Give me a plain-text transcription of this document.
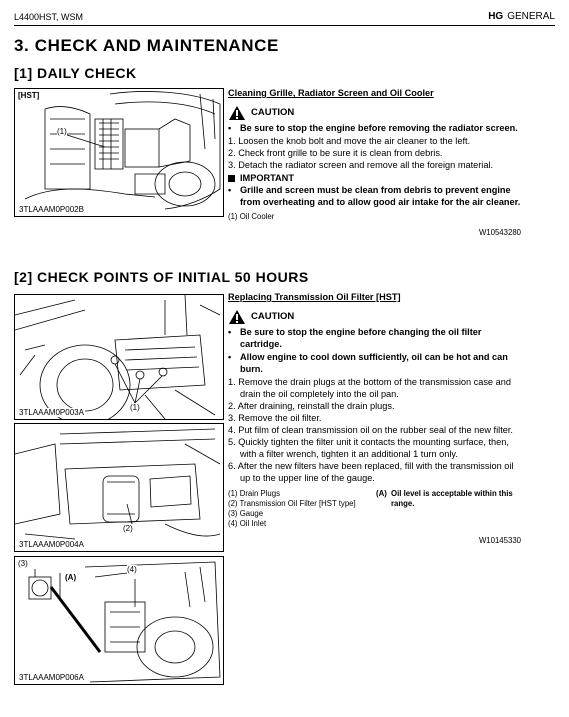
L4400HST, WSM	HG GENERAL
3. CHECK AND MAINTENANCE
[1] DAILY CHECK
[HST]
(1)
3TLAAAM0P002B
Cleaning Grille, Radiator Screen and Oil Cooler
CAUTION
• Be sure to stop the engine before removing the radiator screen.
1. Loosen the knob bolt and move the air cleaner to the left.
2. Check front grille to be sure it is clean from debris.
3. Detach the radiator screen and remove all the foreign material.
IMPORTANT
• Grille and screen must be clean from debris to prevent engine from overheating and to allow good air intake for the air cleaner.
(1) Oil Cooler
W10543280
[2] CHECK POINTS OF INITIAL 50 HOURS
(1)
3TLAAAM0P003A
(2)
3TLAAAM0P004A
(3)
(4)
(A)
3TLAAAM0P006A
Replacing Transmission Oil Filter [HST]
CAUTION
• Be sure to stop the engine before changing the oil filter cartridge.
• Allow engine to cool down sufficiently, oil can be hot and can burn.
1. Remove the drain plugs at the bottom of the transmission case and drain the oil completely into the oil pan.
2. After draining, reinstall the drain plugs.
3. Remove the oil filter.
4. Put film of clean transmission oil on the rubber seal of the new filter.
5. Quickly tighten the filter unit it contacts the mounting surface, then, with a filter wrench, tighten it an additional 1 turn only.
6. After the new filters have been replaced, fill with the transmission oil up to the upper line of the gauge.
(1) Drain Plugs
(2) Transmission Oil Filter [HST type]
(3) Gauge
(4) Oil Inlet
(A) Oil level is acceptable within this range.
W10145330
